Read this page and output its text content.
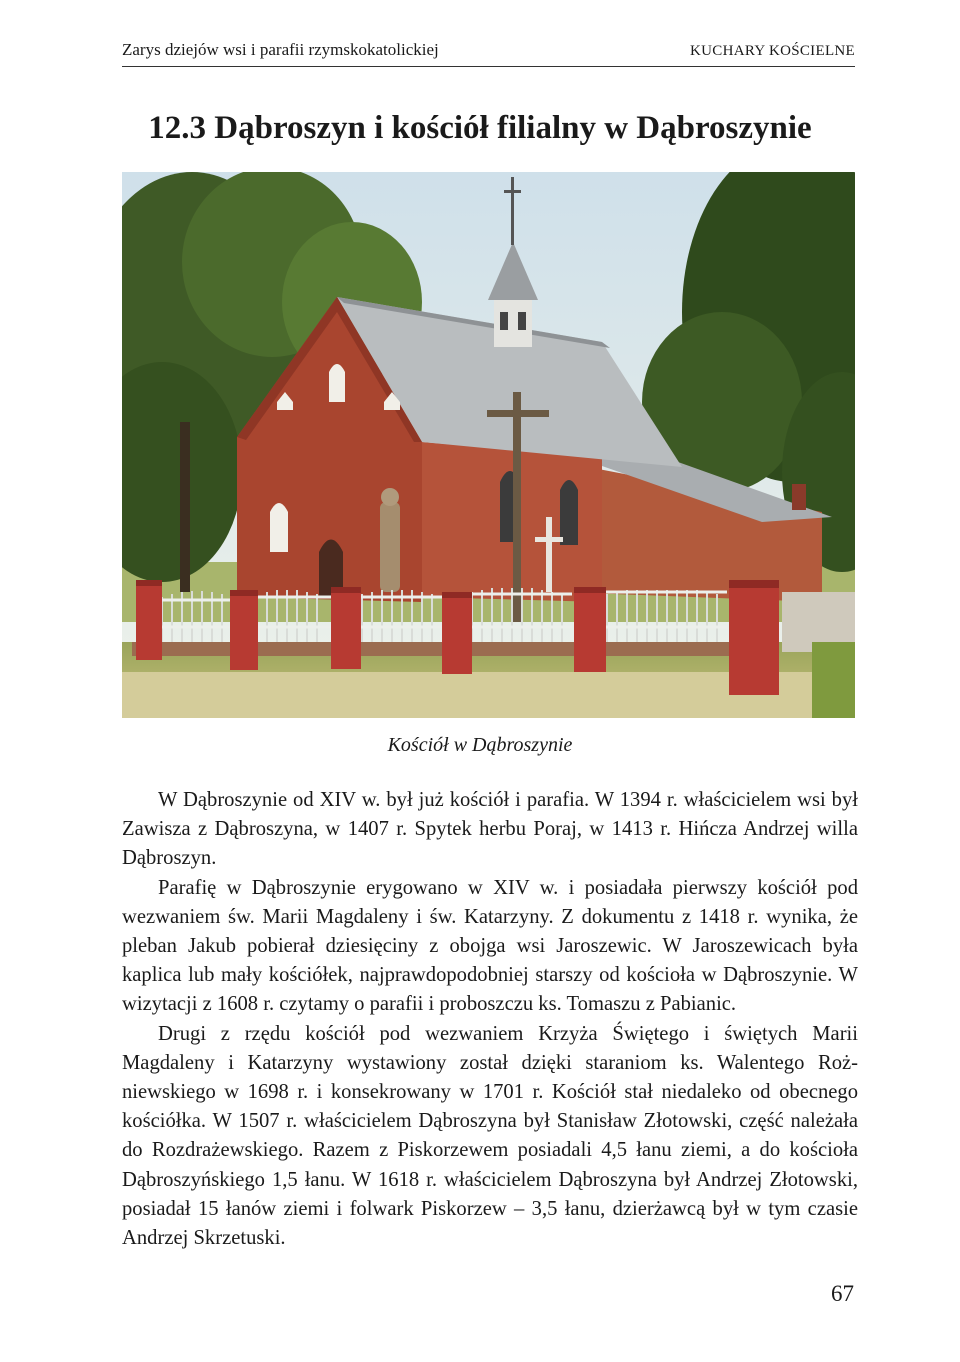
Zarys dziejów wsi i parafii rzymskokatolickiej	KUCHARY KOŚCIELNE
12.3 Dąbroszyn i kościół filialny w Dąbroszynie
Kościół w Dąbroszynie

W Dąbroszynie od XIV w. był już kościół i parafia. W 1394 r. właścicielem wsi był Zawisza z Dąbroszyna, w 1407 r. Spytek herbu Poraj, w 1413 r. Hińcza Andrzej willa Dąbroszyn.

Parafię w Dąbroszynie erygowano w XIV w. i posiadała pierwszy kościół pod wezwaniem św. Marii Magdaleny i św. Katarzyny. Z dokumentu z 1418 r. wynika, że pleban Jakub pobierał dziesięciny z obojga wsi Jaroszewic. W Jaroszewicach była kaplica lub mały kościółek, najprawdopodobniej starszy od kościoła w Dąbroszynie. W wizytacji z 1608 r. czytamy o parafii i proboszczu ks. Tomaszu z Pabianic.

Drugi z rzędu kościół pod wezwaniem Krzyża Świętego i świętych Marii Magdaleny i Katarzyny wystawiony został dzięki staraniom ks. Walentego Rożniewskiego w 1698 r. i konsekrowany w 1701 r. Kościół stał niedaleko od obecnego kościółka. W 1507 r. właścicielem Dąbroszyna był Stanisław Złotowski, część należała do Rozdrażewskiego. Razem z Piskorzewem posiadali 4,5 łanu ziemi, a do kościoła Dąbroszyńskiego 1,5 łanu. W 1618 r. właścicielem Dąbroszyna był Andrzej Złotowski, posiadał 15 łanów ziemi i folwark Piskorzew – 3,5 łanu, dzierżawcą był w tym czasie Andrzej Skrzetuski.

67
